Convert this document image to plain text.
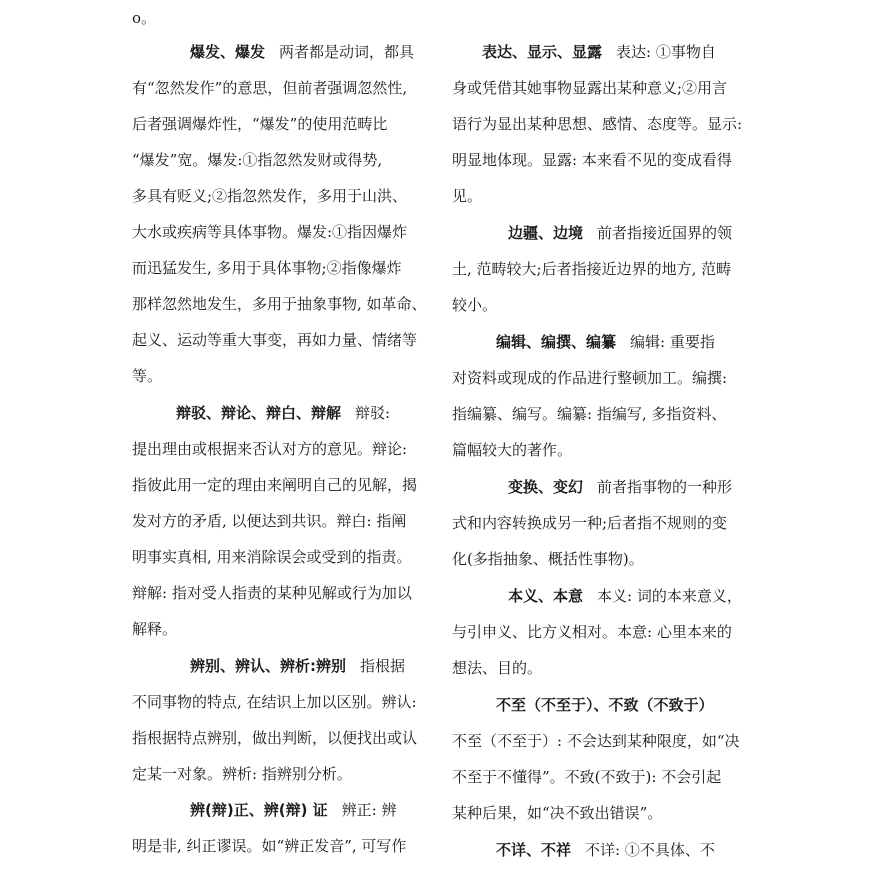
o。
爆发、爆发 两者都是动词，都具
有“忽然发作”的意思，但前者强调忽然性,
后者强调爆炸性，“爆发”的使用范畴比
“爆发”宽。爆发:①指忽然发财或得势,
多具有贬义;②指忽然发作，多用于山洪、
大水或疾病等具体事物。爆发:①指因爆炸
而迅猛发生, 多用于具体事物;②指像爆炸
那样忽然地发生，多用于抽象事物, 如革命、
起义、运动等重大事变，再如力量、情绪等
等。
辩驳、辩论、辩白、辩解 辩驳:
提出理由或根据来否认对方的意见。辩论:
指彼此用一定的理由来阐明自己的见解，揭
发对方的矛盾, 以便达到共识。辩白: 指阐
明事实真相, 用来消除误会或受到的指责。
辩解: 指对受人指责的某种见解或行为加以
解释。
辨别、辨认、辨析:辨别 指根据
不同事物的特点, 在结识上加以区别。辨认:
指根据特点辨别，做出判断，以便找出或认
定某一对象。辨析: 指辨别分析。
辨(辩)正、辨(辩) 证 辨正: 辨
明是非, 纠正谬误。如“辨正发音”, 可写作
表达、显示、显露 表达: ①事物自
身或凭借其她事物显露出某种意义;②用言
语行为显出某种思想、感情、态度等。显示:
明显地体现。显露: 本来看不见的变成看得
见。
边疆、边境 前者指接近国界的领
土, 范畴较大;后者指接近边界的地方, 范畴
较小。
编辑、编撰、编纂 编辑: 重要指
对资料或现成的作品进行整顿加工。编撰:
指编纂、编写。编纂: 指编写, 多指资料、
篇幅较大的著作。
变换、变幻 前者指事物的一种形
式和内容转换成另一种;后者指不规则的变
化(多指抽象、概括性事物)。
本义、本意 本义: 词的本来意义，
与引申义、比方义相对。本意: 心里本来的
想法、目的。
不至（不至于）、不致（不致于）
不至（不至于）: 不会达到某种限度，如“决
不至于不懂得”。不致(不致于): 不会引起
某种后果，如“决不致出错误”。
不详、不祥 不详: ①不具体、不
